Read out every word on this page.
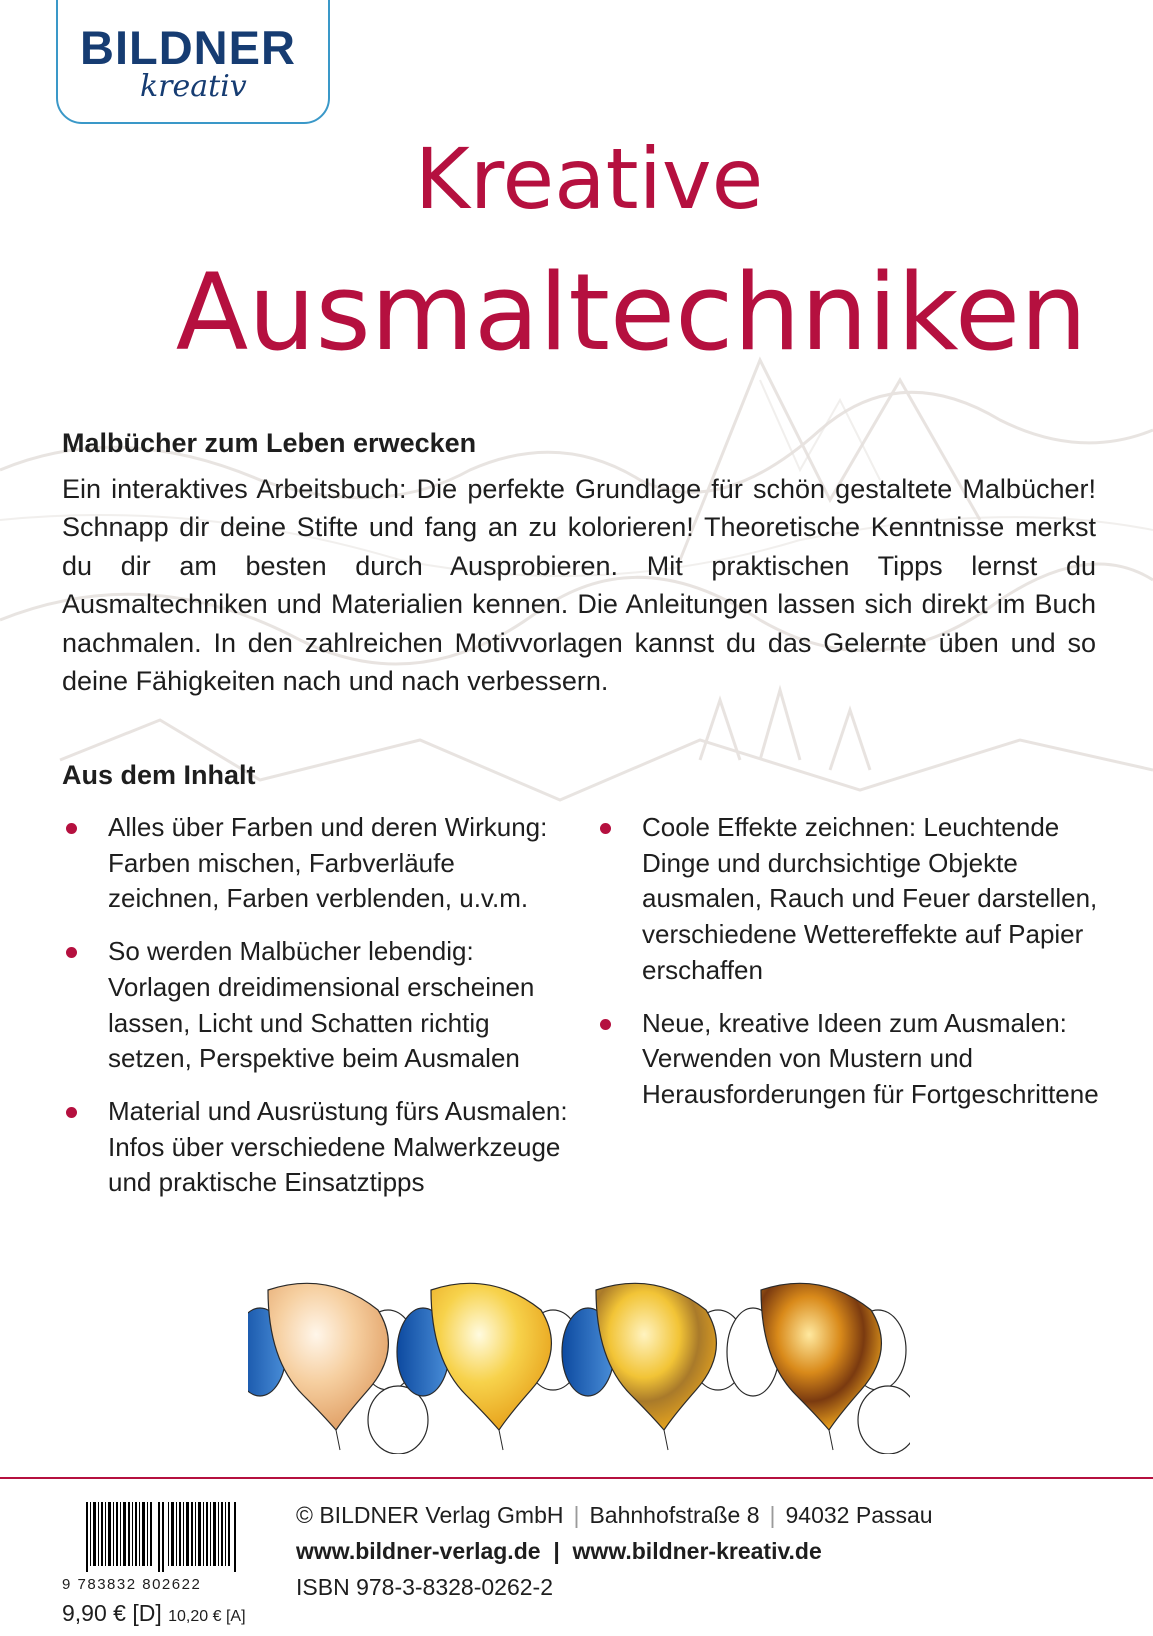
BILDNER
kreativ
Kreative
Ausmaltechniken
Malbücher zum Leben erwecken

Ein interaktives Arbeitsbuch: Die perfekte Grundlage für schön gestaltete Malbücher! Schnapp dir deine Stifte und fang an zu kolorieren! Theoretische Kenntnisse merkst du dir am besten durch Ausprobieren. Mit praktischen Tipps lernst du Ausmaltechniken und Materialien kennen. Die Anleitungen lassen sich direkt im Buch nachmalen. In den zahlreichen Motivvorlagen kannst du das Gelernte üben und so deine Fähigkeiten nach und nach verbessern.

Aus dem Inhalt
Alles über Farben und deren Wirkung: Farben mischen, Farbverläufe zeichnen, Farben verblenden, u.v.m.
So werden Malbücher lebendig: Vorlagen dreidimensional erscheinen lassen, Licht und Schatten richtig setzen, Perspektive beim Ausmalen
Material und Ausrüstung fürs Ausmalen: Infos über verschiedene Malwerkzeuge und praktische Einsatztipps
Coole Effekte zeichnen: Leuchtende Dinge und durchsichtige Objekte ausmalen, Rauch und Feuer darstellen, verschiedene Wettereffekte auf Papier erschaffen
Neue, kreative Ideen zum Ausmalen: Verwenden von Mustern und Herausforderungen für Fortgeschrittene
9 783832 802622
9,90 € [D] 10,20 € [A]
© BILDNER Verlag GmbH | Bahnhofstraße 8 | 94032 Passau
www.bildner-verlag.de | www.bildner-kreativ.de
ISBN 978-3-8328-0262-2
